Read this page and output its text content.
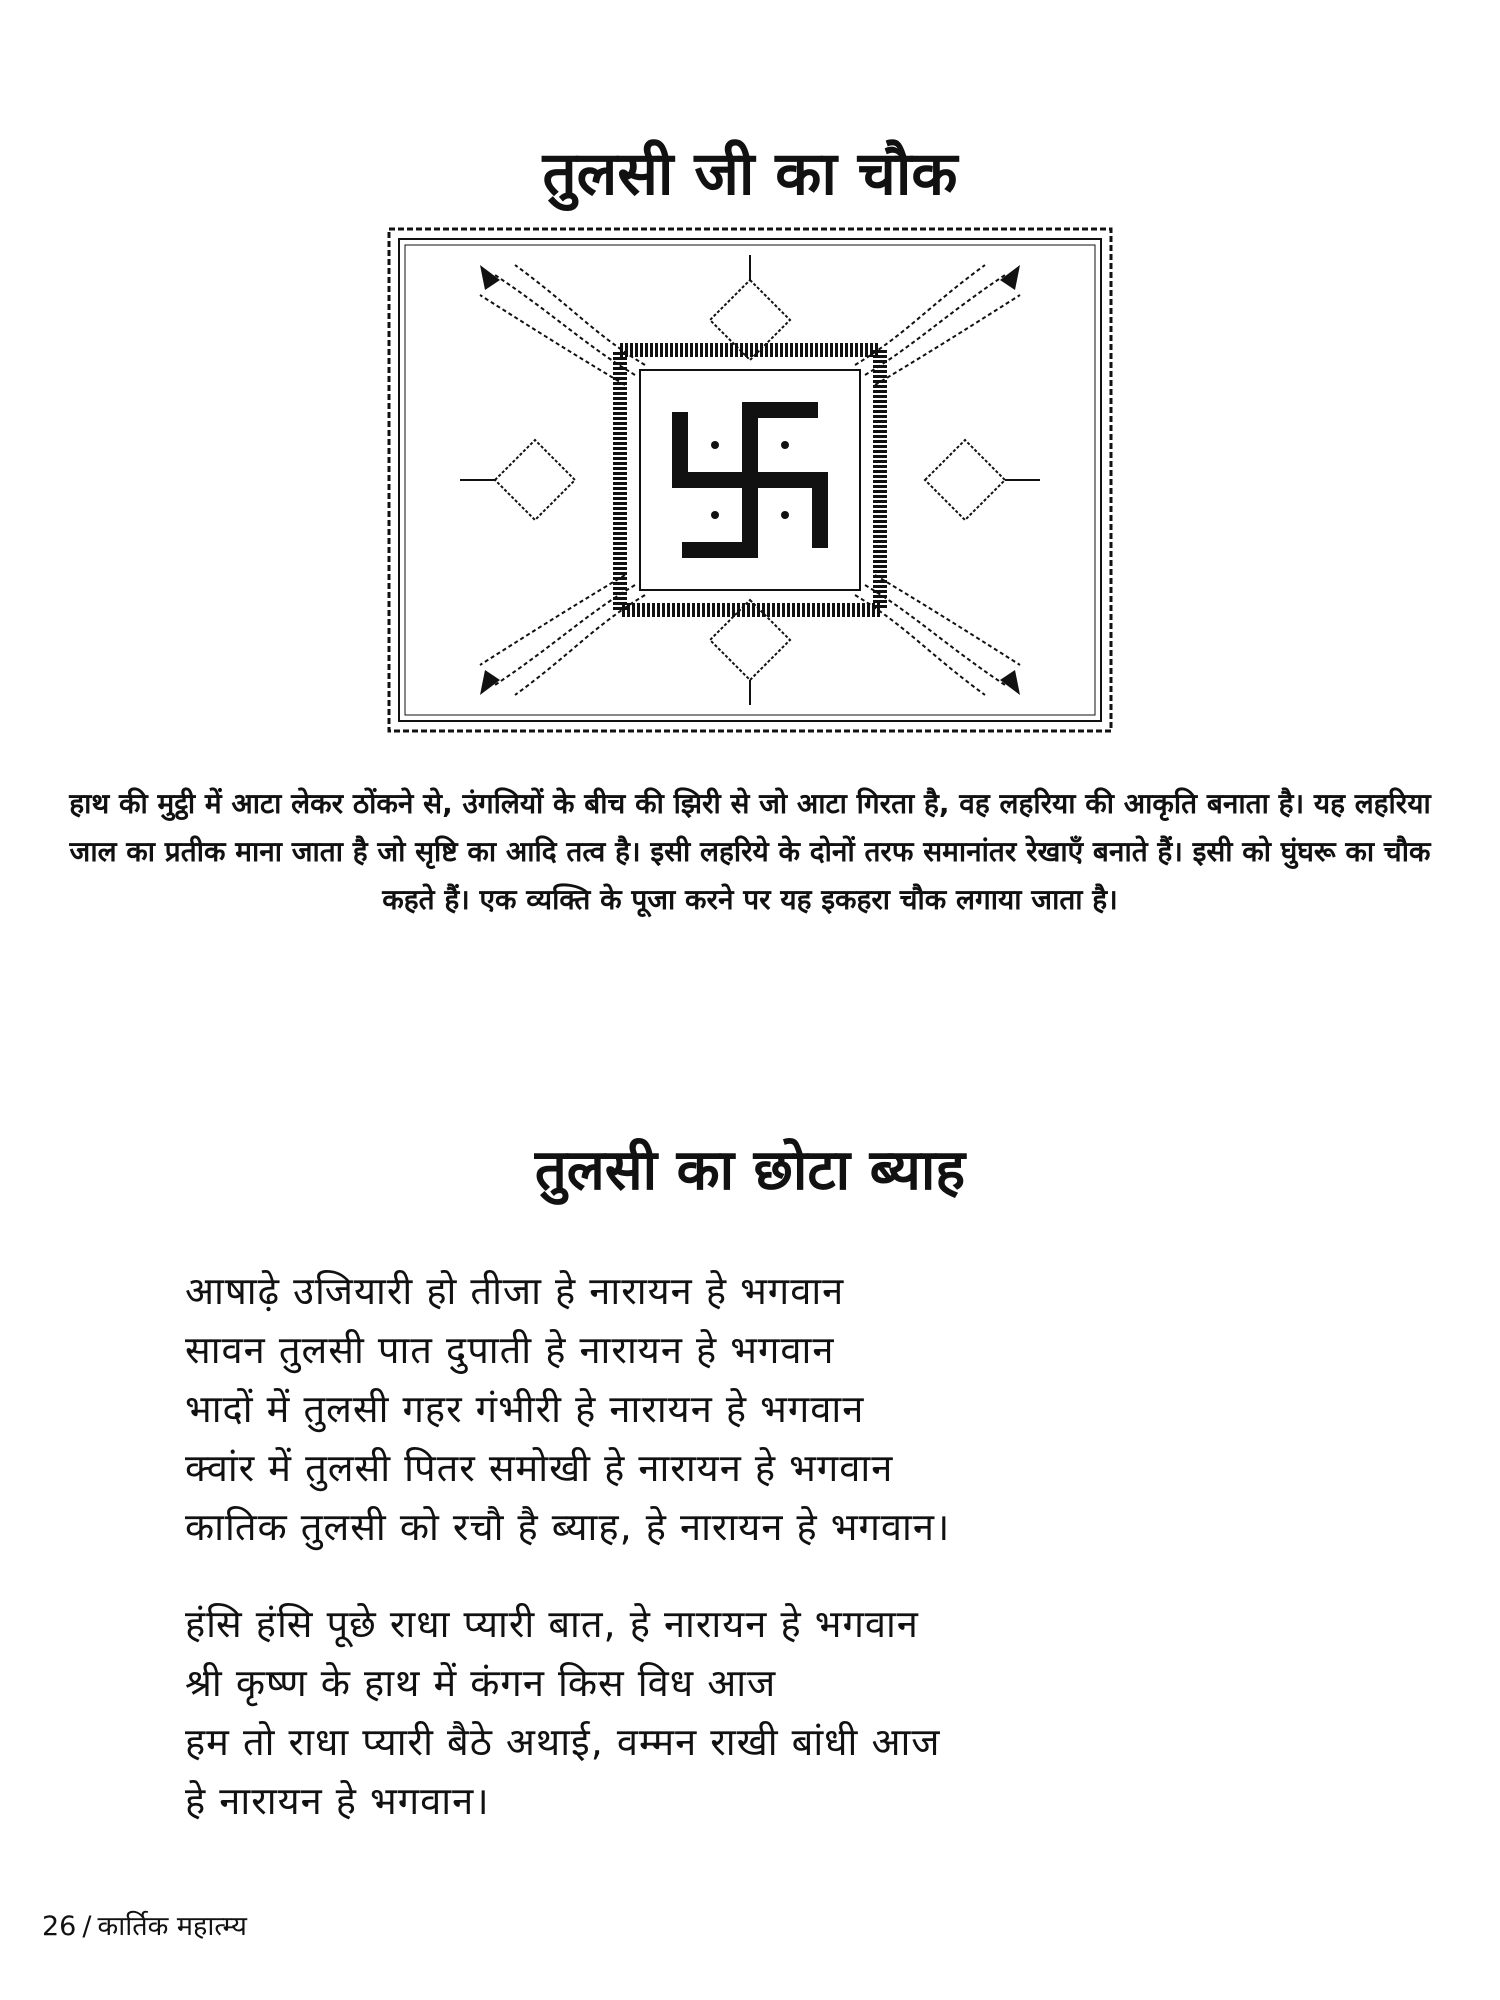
तुलसी जी का चौक

हाथ की मुट्ठी में आटा लेकर ठोंकने से, उंगलियों के बीच की झिरी से जो आटा गिरता है, वह लहरिया की आकृति बनाता है। यह लहरिया जाल का प्रतीक माना जाता है जो सृष्टि का आदि तत्व है। इसी लहरिये के दोनों तरफ समानांतर रेखाएँ बनाते हैं। इसी को घुंघरू का चौक कहते हैं। एक व्यक्ति के पूजा करने पर यह इकहरा चौक लगाया जाता है।

तुलसी का छोटा ब्याह
आषाढ़े उजियारी हो तीजा हे नारायन हे भगवान
सावन तुलसी पात दुपाती हे नारायन हे भगवान
भादों में तुलसी गहर गंभीरी हे नारायन हे भगवान
क्वांर में तुलसी पितर समोखी हे नारायन हे भगवान
कातिक तुलसी को रचौ है ब्याह, हे नारायन हे भगवान।
हंसि हंसि पूछे राधा प्यारी बात, हे नारायन हे भगवान
श्री कृष्ण के हाथ में कंगन किस विध आज
हम तो राधा प्यारी बैठे अथाई, वम्मन राखी बांधी आज
हे नारायन हे भगवान।

26 / कार्तिक महात्म्य
